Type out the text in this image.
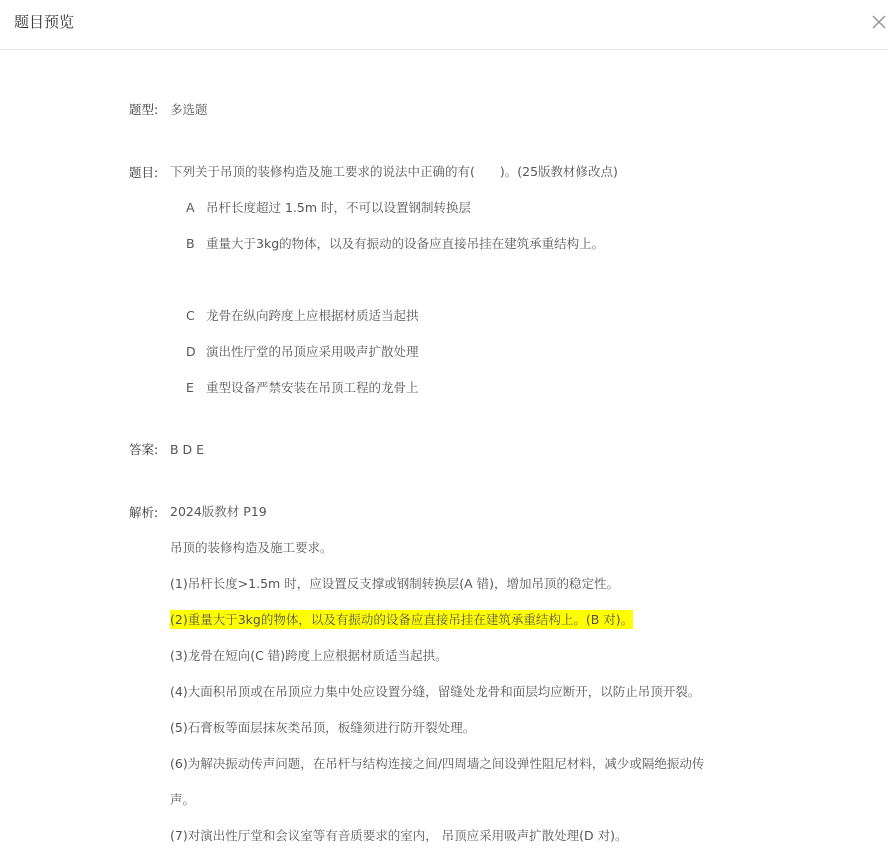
题目预览
题型: 多选题
题目: 下列关于吊顶的装修构造及施工要求的说法中正确的有(　　)。(25版教材修改点)
A 吊杆长度超过 1.5m 时，不可以设置钢制转换层
B 重量大于3kg的物体，以及有振动的设备应直接吊挂在建筑承重结构上。
C 龙骨在纵向跨度上应根据材质适当起拱
D 演出性厅堂的吊顶应采用吸声扩散处理
E 重型设备严禁安装在吊顶工程的龙骨上
答案: B D E
解析: 2024版教材 P19
吊顶的装修构造及施工要求。
(1)吊杆长度>1.5m 时，应设置反支撑或钢制转换层(A 错)，增加吊顶的稳定性。
(2)重量大于3kg的物体，以及有振动的设备应直接吊挂在建筑承重结构上。(B 对)。
(3)龙骨在短向(C 错)跨度上应根据材质适当起拱。
(4)大面积吊顶或在吊顶应力集中处应设置分缝，留缝处龙骨和面层均应断开，以防止吊顶开裂。
(5)石膏板等面层抹灰类吊顶，板缝须进行防开裂处理。
(6)为解决振动传声问题，在吊杆与结构连接之间/四周墙之间设弹性阻尼材料，减少或隔绝振动传
声。
(7)对演出性厅堂和会议室等有音质要求的室内， 吊顶应采用吸声扩散处理(D 对)。
